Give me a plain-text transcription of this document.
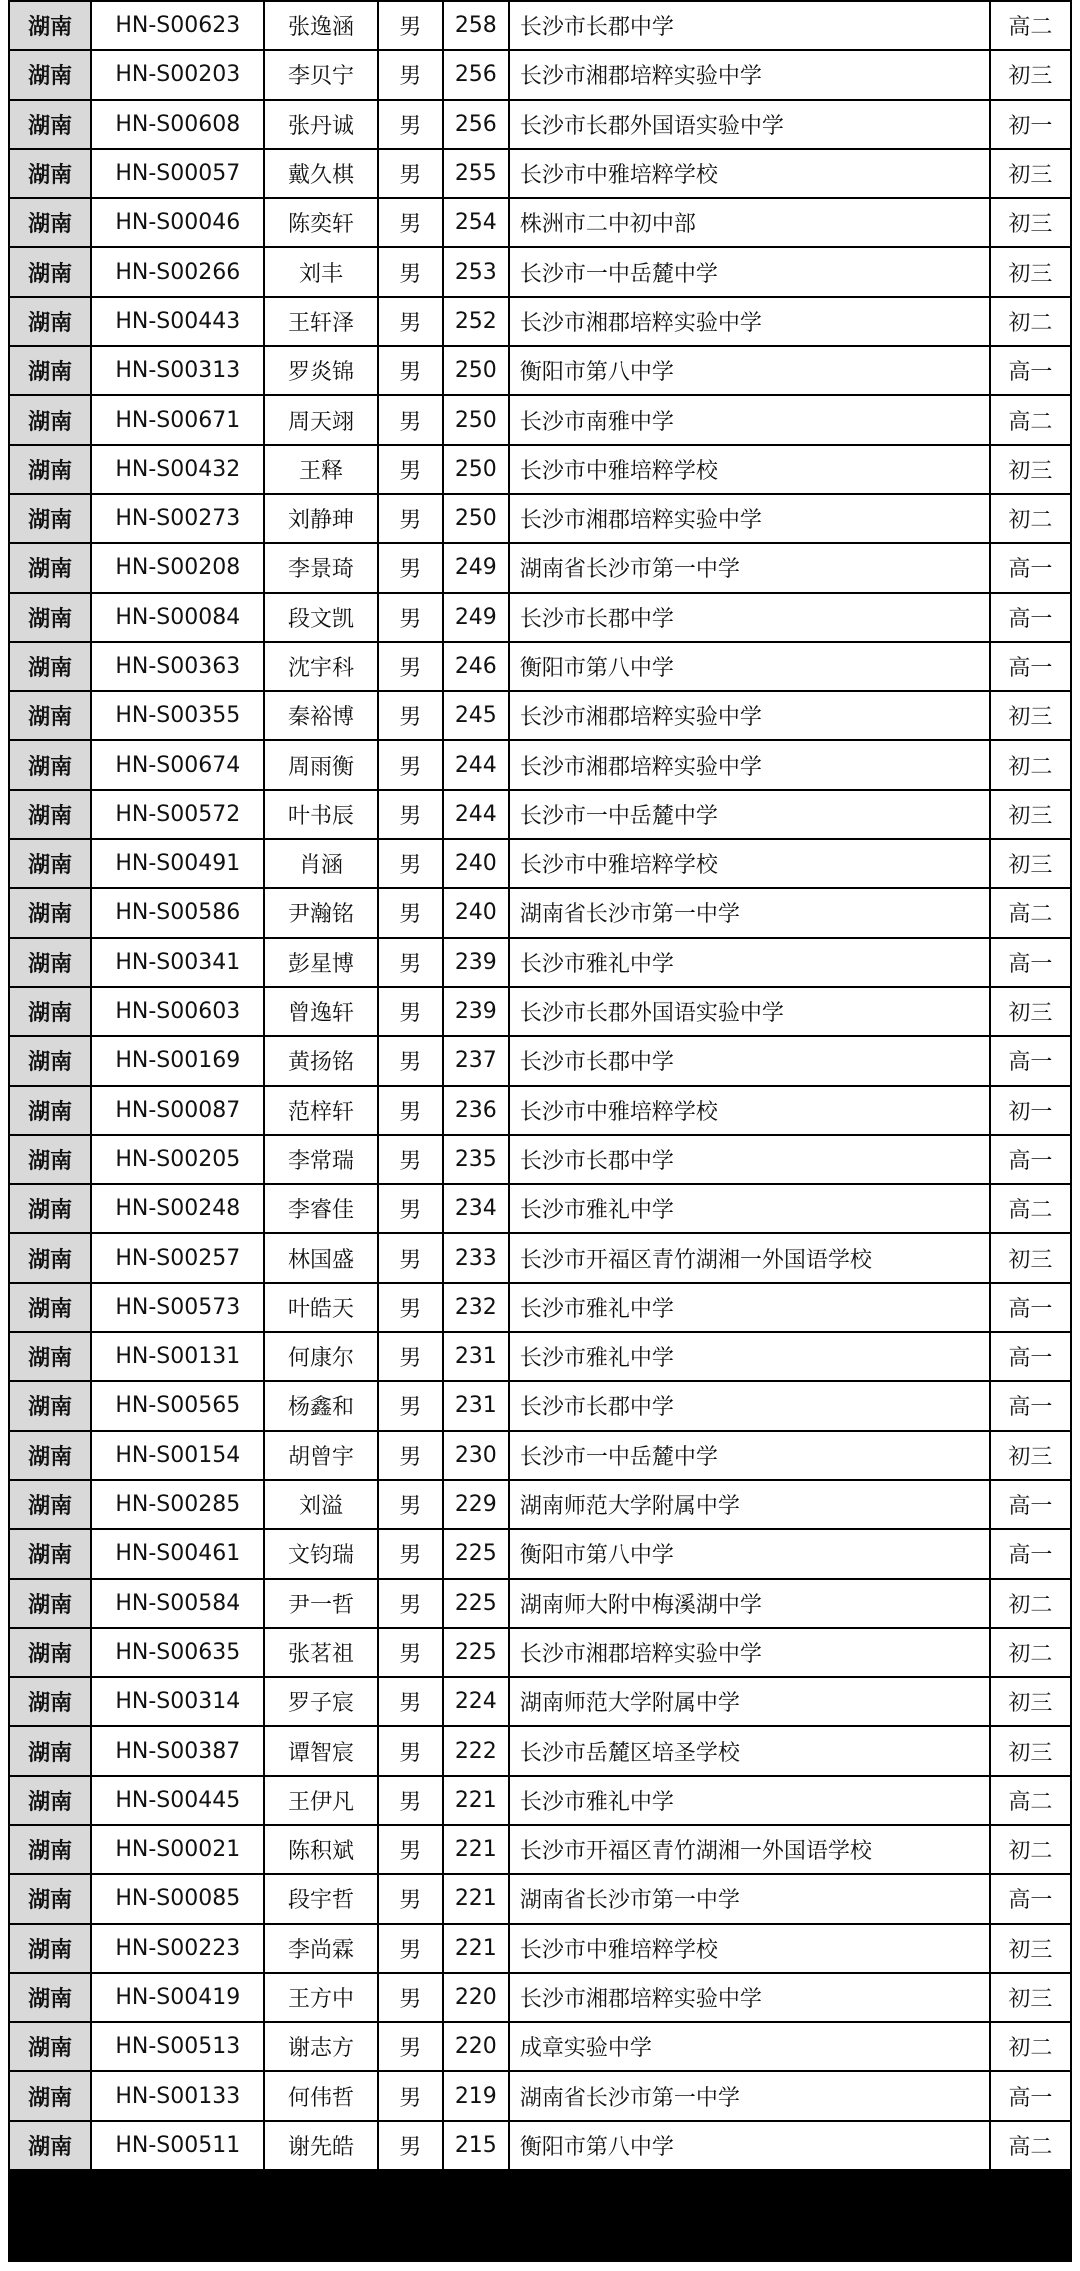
湖南	HN-S00623	张逸涵	男	258	长沙市长郡中学	高二
湖南	HN-S00203	李贝宁	男	256	长沙市湘郡培粹实验中学	初三
湖南	HN-S00608	张丹诚	男	256	长沙市长郡外国语实验中学	初一
湖南	HN-S00057	戴久棋	男	255	长沙市中雅培粹学校	初三
湖南	HN-S00046	陈奕轩	男	254	株洲市二中初中部	初三
湖南	HN-S00266	刘丰	男	253	长沙市一中岳麓中学	初三
湖南	HN-S00443	王轩泽	男	252	长沙市湘郡培粹实验中学	初二
湖南	HN-S00313	罗炎锦	男	250	衡阳市第八中学	高一
湖南	HN-S00671	周天翊	男	250	长沙市南雅中学	高二
湖南	HN-S00432	王释	男	250	长沙市中雅培粹学校	初三
湖南	HN-S00273	刘静珅	男	250	长沙市湘郡培粹实验中学	初二
湖南	HN-S00208	李景琦	男	249	湖南省长沙市第一中学	高一
湖南	HN-S00084	段文凯	男	249	长沙市长郡中学	高一
湖南	HN-S00363	沈宇科	男	246	衡阳市第八中学	高一
湖南	HN-S00355	秦裕博	男	245	长沙市湘郡培粹实验中学	初三
湖南	HN-S00674	周雨衡	男	244	长沙市湘郡培粹实验中学	初二
湖南	HN-S00572	叶书辰	男	244	长沙市一中岳麓中学	初三
湖南	HN-S00491	肖涵	男	240	长沙市中雅培粹学校	初三
湖南	HN-S00586	尹瀚铭	男	240	湖南省长沙市第一中学	高二
湖南	HN-S00341	彭星博	男	239	长沙市雅礼中学	高一
湖南	HN-S00603	曾逸轩	男	239	长沙市长郡外国语实验中学	初三
湖南	HN-S00169	黄扬铭	男	237	长沙市长郡中学	高一
湖南	HN-S00087	范梓轩	男	236	长沙市中雅培粹学校	初一
湖南	HN-S00205	李常瑞	男	235	长沙市长郡中学	高一
湖南	HN-S00248	李睿佳	男	234	长沙市雅礼中学	高二
湖南	HN-S00257	林国盛	男	233	长沙市开福区青竹湖湘一外国语学校	初三
湖南	HN-S00573	叶皓天	男	232	长沙市雅礼中学	高一
湖南	HN-S00131	何康尔	男	231	长沙市雅礼中学	高一
湖南	HN-S00565	杨鑫和	男	231	长沙市长郡中学	高一
湖南	HN-S00154	胡曾宇	男	230	长沙市一中岳麓中学	初三
湖南	HN-S00285	刘溢	男	229	湖南师范大学附属中学	高一
湖南	HN-S00461	文钧瑞	男	225	衡阳市第八中学	高一
湖南	HN-S00584	尹一哲	男	225	湖南师大附中梅溪湖中学	初二
湖南	HN-S00635	张茗祖	男	225	长沙市湘郡培粹实验中学	初二
湖南	HN-S00314	罗子宸	男	224	湖南师范大学附属中学	初三
湖南	HN-S00387	谭智宸	男	222	长沙市岳麓区培圣学校	初三
湖南	HN-S00445	王伊凡	男	221	长沙市雅礼中学	高二
湖南	HN-S00021	陈积斌	男	221	长沙市开福区青竹湖湘一外国语学校	初二
湖南	HN-S00085	段宇哲	男	221	湖南省长沙市第一中学	高一
湖南	HN-S00223	李尚霖	男	221	长沙市中雅培粹学校	初三
湖南	HN-S00419	王方中	男	220	长沙市湘郡培粹实验中学	初三
湖南	HN-S00513	谢志方	男	220	成章实验中学	初二
湖南	HN-S00133	何伟哲	男	219	湖南省长沙市第一中学	高一
湖南	HN-S00511	谢先皓	男	215	衡阳市第八中学	高二
